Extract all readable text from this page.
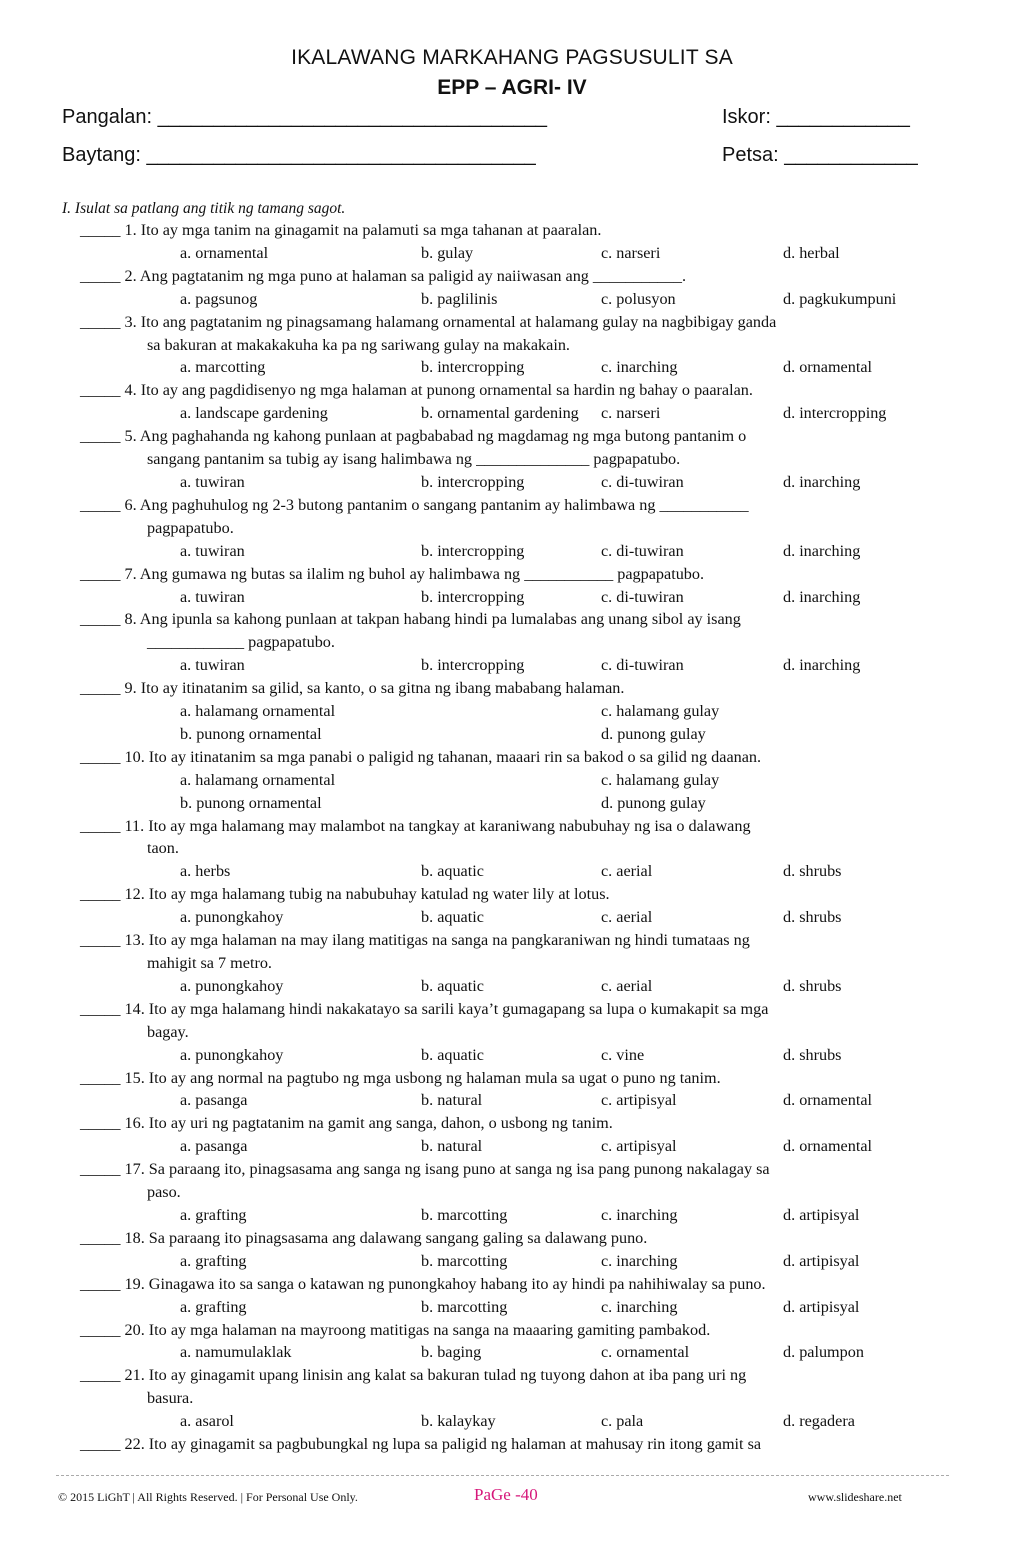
IKALAWANG MARKAHANG PAGSUSULIT SA
EPP – AGRI- IV
Pangalan: ___________________________________	Iskor: ____________
Baytang: ___________________________________	Petsa: ____________
I. Isulat sa patlang ang titik ng tamang sagot.
_____ 1. Ito ay mga tanim na ginagamit na palamuti sa mga tahanan at paaralan.
a. ornamental	b. gulay	c. narseri	d. herbal
_____ 2. Ang pagtatanim ng mga puno at halaman sa paligid ay naiiwasan ang ___________.
a. pagsunog	b. paglilinis	c. polusyon	d. pagkukumpuni
_____ 3. Ito ang pagtatanim ng pinagsamang halamang ornamental at halamang gulay na nagbibigay ganda
sa bakuran at makakakuha ka pa ng sariwang gulay na makakain.
a. marcotting	b. intercropping	c. inarching	d. ornamental
_____ 4. Ito ay ang pagdidisenyo ng mga halaman at punong ornamental sa hardin ng bahay o paaralan.
a. landscape gardening	b. ornamental gardening	c. narseri	d. intercropping
_____ 5. Ang paghahanda ng kahong punlaan at pagbababad ng magdamag ng mga butong pantanim o
sangang pantanim sa tubig ay isang halimbawa ng ______________ pagpapatubo.
a. tuwiran	b. intercropping	c. di-tuwiran	d. inarching
_____ 6. Ang paghuhulog ng 2-3 butong pantanim o sangang pantanim ay halimbawa ng ___________
pagpapatubo.
a. tuwiran	b. intercropping	c. di-tuwiran	d. inarching
_____ 7. Ang gumawa ng butas sa ilalim ng buhol ay halimbawa ng ___________ pagpapatubo.
a. tuwiran	b. intercropping	c. di-tuwiran	d. inarching
_____ 8. Ang ipunla sa kahong punlaan at takpan habang hindi pa lumalabas ang unang sibol ay isang
____________ pagpapatubo.
a. tuwiran	b. intercropping	c. di-tuwiran	d. inarching
_____ 9. Ito ay itinatanim sa gilid, sa kanto, o sa gitna ng ibang mababang halaman.
a. halamang ornamental	c. halamang gulay
b. punong ornamental	d. punong gulay
_____ 10. Ito ay itinatanim sa mga panabi o paligid ng tahanan, maaari rin sa bakod o sa gilid ng daanan.
a. halamang ornamental	c. halamang gulay
b. punong ornamental	d. punong gulay
_____ 11. Ito ay mga halamang may malambot na tangkay at karaniwang nabubuhay ng isa o dalawang
taon.
a. herbs	b. aquatic	c. aerial	d. shrubs
_____ 12. Ito ay mga halamang tubig na nabubuhay katulad ng water lily at lotus.
a. punongkahoy	b. aquatic	c. aerial	d. shrubs
_____ 13. Ito ay mga halaman na may ilang matitigas na sanga na pangkaraniwan ng hindi tumataas ng
mahigit sa 7 metro.
a. punongkahoy	b. aquatic	c. aerial	d. shrubs
_____ 14. Ito ay mga halamang hindi nakakatayo sa sarili kaya’t gumagapang sa lupa o kumakapit sa mga
bagay.
a. punongkahoy	b. aquatic	c. vine	d. shrubs
_____ 15. Ito ay ang normal na pagtubo ng mga usbong ng halaman mula sa ugat o puno ng tanim.
a. pasanga	b. natural	c. artipisyal	d. ornamental
_____ 16. Ito ay uri ng pagtatanim na gamit ang sanga, dahon, o usbong ng tanim.
a. pasanga	b. natural	c. artipisyal	d. ornamental
_____ 17. Sa paraang ito, pinagsasama ang sanga ng isang puno at sanga ng isa pang punong nakalagay sa
paso.
a. grafting	b. marcotting	c. inarching	d. artipisyal
_____ 18. Sa paraang ito pinagsasama ang dalawang sangang galing sa dalawang puno.
a. grafting	b. marcotting	c. inarching	d. artipisyal
_____ 19. Ginagawa ito sa sanga o katawan ng punongkahoy habang ito ay hindi pa nahihiwalay sa puno.
a. grafting	b. marcotting	c. inarching	d. artipisyal
_____ 20. Ito ay mga halaman na mayroong matitigas na sanga na maaaring gamiting pambakod.
a. namumulaklak	b. baging	c. ornamental	d. palumpon
_____ 21. Ito ay ginagamit upang linisin ang kalat sa bakuran tulad ng tuyong dahon at iba pang uri ng
basura.
a. asarol	b. kalaykay	c. pala	d. regadera
_____ 22. Ito ay ginagamit sa pagbubungkal ng lupa sa paligid ng halaman at mahusay rin itong gamit sa
© 2015 LiGhT | All Rights Reserved. | For Personal Use Only.	PaGe -40	www.slideshare.net
